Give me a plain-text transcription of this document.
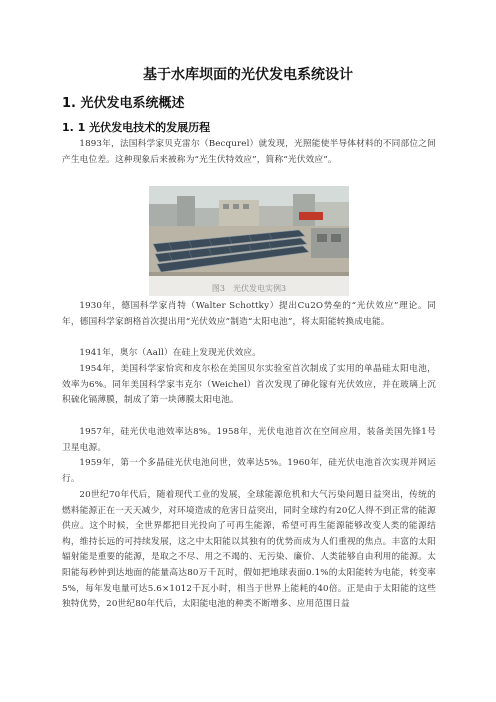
基于水库坝面的光伏发电系统设计
1. 光伏发电系统概述
1. 1 光伏发电技术的发展历程

1893年，法国科学家贝克雷尔（Becqurel）就发现，光照能使半导体材料的不同部位之间产生电位差。这种现象后来被称为“光生伏特效应”，简称“光伏效应”。

图3　光伏发电实例3

1930年，德国科学家肖特（Walter Schottky）提出Cu2O势垒的“光伏效应”理论。同年，德国科学家朗格首次提出用“光伏效应”制造“太阳电池”，将太阳能转换成电能。

1941年，奥尔（Aall）在硅上发现光伏效应。

1954年，美国科学家恰宾和皮尔松在美国贝尔实验室首次制成了实用的单晶硅太阳电池，效率为6%。同年美国科学家韦克尔（Weichel）首次发现了砷化镓有光伏效应，并在玻璃上沉积硫化镉薄膜，制成了第一块薄膜太阳电池。

1957年，硅光伏电池效率达8%。1958年，光伏电池首次在空间应用，装备美国先锋1号卫星电源。

1959年，第一个多晶硅光伏电池问世，效率达5%。1960年，硅光伏电池首次实现并网运行。

20世纪70年代后，随着现代工业的发展，全球能源危机和大气污染问题日益突出，传统的燃料能源正在一天天减少，对环境造成的危害日益突出，同时全球约有20亿人得不到正常的能源供应。这个时候，全世界都把目光投向了可再生能源，希望可再生能源能够改变人类的能源结构，维持长远的可持续发展，这之中太阳能以其独有的优势而成为人们重视的焦点。丰富的太阳辐射能是重要的能源，是取之不尽、用之不竭的、无污染、廉价、人类能够自由利用的能源。太阳能每秒钟到达地面的能量高达80万千瓦时，假如把地球表面0.1%的太阳能转为电能，转变率5%，每年发电量可达5.6×1012千瓦小时，相当于世界上能耗的40倍。正是由于太阳能的这些独特优势，20世纪80年代后，太阳能电池的种类不断增多、应用范围日益
